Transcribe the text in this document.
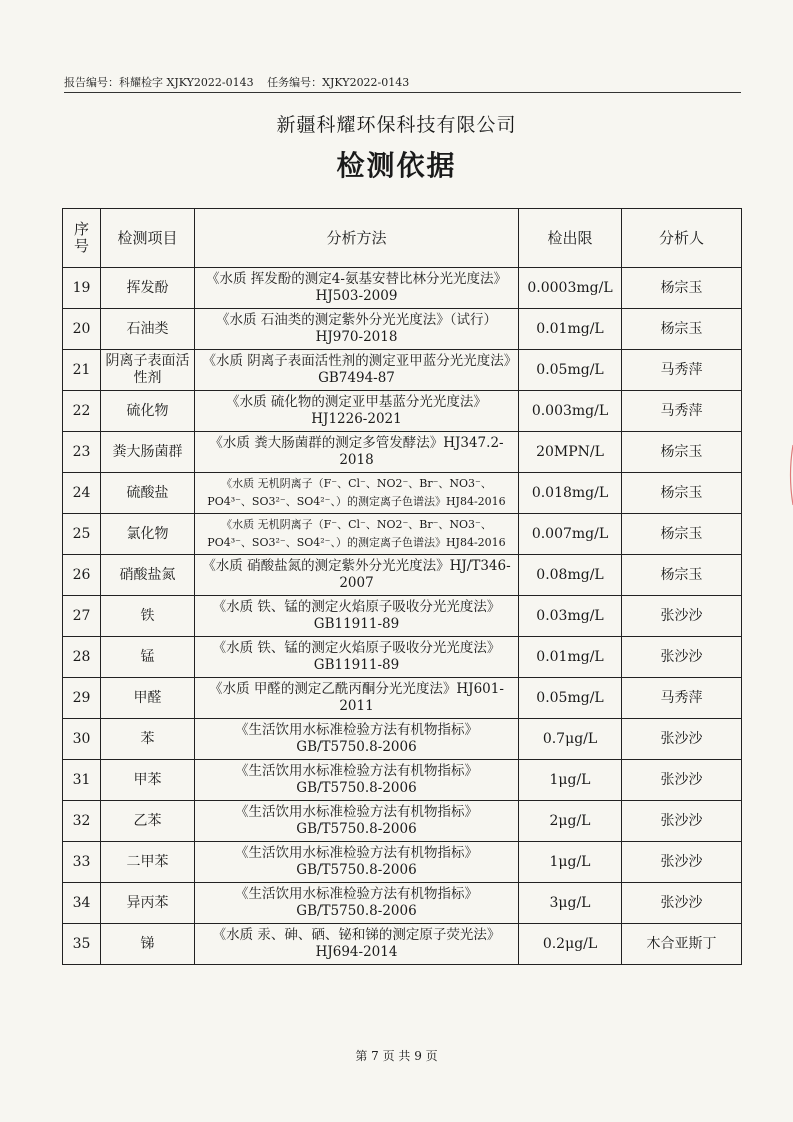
报告编号：科耀检字 XJKY2022-0143 任务编号：XJKY2022-0143
新疆科耀环保科技有限公司
检测依据
序号	检测项目	分析方法	检出限	分析人
19	挥发酚	《水质 挥发酚的测定4-氨基安替比林分光光度法》HJ503-2009	0.0003mg/L	杨宗玉
20	石油类	《水质 石油类的测定紫外分光光度法》（试行）HJ970-2018	0.01mg/L	杨宗玉
21	阴离子表面活性剂	《水质 阴离子表面活性剂的测定亚甲蓝分光光度法》GB7494-87	0.05mg/L	马秀萍
22	硫化物	《水质 硫化物的测定亚甲基蓝分光光度法》HJ1226-2021	0.003mg/L	马秀萍
23	粪大肠菌群	《水质 粪大肠菌群的测定多管发酵法》HJ347.2-2018	20MPN/L	杨宗玉
24	硫酸盐	《水质 无机阴离子（F⁻、Cl⁻、NO2⁻、Br⁻、NO3⁻、PO4³⁻、SO3²⁻、SO4²⁻、）的测定离子色谱法》HJ84-2016	0.018mg/L	杨宗玉
25	氯化物	《水质 无机阴离子（F⁻、Cl⁻、NO2⁻、Br⁻、NO3⁻、PO4³⁻、SO3²⁻、SO4²⁻、）的测定离子色谱法》HJ84-2016	0.007mg/L	杨宗玉
26	硝酸盐氮	《水质 硝酸盐氮的测定紫外分光光度法》HJ/T346-2007	0.08mg/L	杨宗玉
27	铁	《水质 铁、锰的测定火焰原子吸收分光光度法》GB11911-89	0.03mg/L	张沙沙
28	锰	《水质 铁、锰的测定火焰原子吸收分光光度法》GB11911-89	0.01mg/L	张沙沙
29	甲醛	《水质 甲醛的测定乙酰丙酮分光光度法》HJ601-2011	0.05mg/L	马秀萍
30	苯	《生活饮用水标准检验方法有机物指标》GB/T5750.8-2006	0.7μg/L	张沙沙
31	甲苯	《生活饮用水标准检验方法有机物指标》GB/T5750.8-2006	1μg/L	张沙沙
32	乙苯	《生活饮用水标准检验方法有机物指标》GB/T5750.8-2006	2μg/L	张沙沙
33	二甲苯	《生活饮用水标准检验方法有机物指标》GB/T5750.8-2006	1μg/L	张沙沙
34	异丙苯	《生活饮用水标准检验方法有机物指标》GB/T5750.8-2006	3μg/L	张沙沙
35	锑	《水质 汞、砷、硒、铋和锑的测定原子荧光法》HJ694-2014	0.2μg/L	木合亚斯丁
第 7 页 共 9 页
